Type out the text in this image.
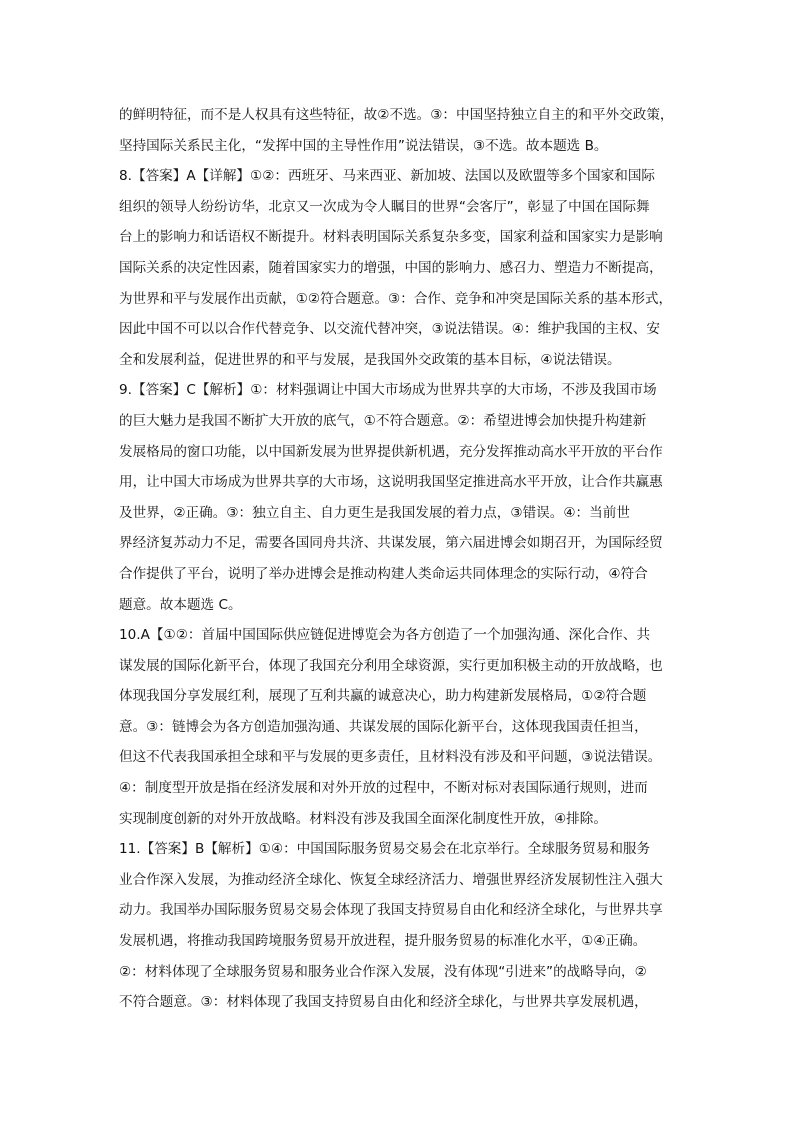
的鲜明特征，而不是人权具有这些特征，故②不选。③：中国坚持独立自主的和平外交政策，
坚持国际关系民主化，“发挥中国的主导性作用”说法错误，③不选。故本题选 B。
8.【答案】A【详解】①②：西班牙、马来西亚、新加坡、法国以及欧盟等多个国家和国际
组织的领导人纷纷访华，北京又一次成为令人瞩目的世界“会客厅”，彰显了中国在国际舞
台上的影响力和话语权不断提升。材料表明国际关系复杂多变，国家利益和国家实力是影响
国际关系的决定性因素，随着国家实力的增强，中国的影响力、感召力、塑造力不断提高，
为世界和平与发展作出贡献，①②符合题意。③：合作、竞争和冲突是国际关系的基本形式，
因此中国不可以以合作代替竞争、以交流代替冲突，③说法错误。④：维护我国的主权、安
全和发展利益，促进世界的和平与发展，是我国外交政策的基本目标，④说法错误。
9.【答案】C【解析】①：材料强调让中国大市场成为世界共享的大市场，不涉及我国市场
的巨大魅力是我国不断扩大开放的底气，①不符合题意。②：希望进博会加快提升构建新
发展格局的窗口功能，以中国新发展为世界提供新机遇，充分发挥推动高水平开放的平台作
用，让中国大市场成为世界共享的大市场，这说明我国坚定推进高水平开放，让合作共赢惠
及世界，②正确。③：独立自主、自力更生是我国发展的着力点，③错误。④：当前世
界经济复苏动力不足，需要各国同舟共济、共谋发展，第六届进博会如期召开，为国际经贸
合作提供了平台，说明了举办进博会是推动构建人类命运共同体理念的实际行动，④符合
题意。故本题选 C。
10.A【①②：首届中国国际供应链促进博览会为各方创造了一个加强沟通、深化合作、共
谋发展的国际化新平台，体现了我国充分利用全球资源，实行更加积极主动的开放战略，也
体现我国分享发展红利，展现了互利共赢的诚意决心，助力构建新发展格局，①②符合题
意。③：链博会为各方创造加强沟通、共谋发展的国际化新平台，这体现我国责任担当，
但这不代表我国承担全球和平与发展的更多责任，且材料没有涉及和平问题，③说法错误。
④：制度型开放是指在经济发展和对外开放的过程中，不断对标对表国际通行规则，进而
实现制度创新的对外开放战略。材料没有涉及我国全面深化制度性开放，④排除。
11.【答案】B【解析】①④：中国国际服务贸易交易会在北京举行。全球服务贸易和服务
业合作深入发展，为推动经济全球化、恢复全球经济活力、增强世界经济发展韧性注入强大
动力。我国举办国际服务贸易交易会体现了我国支持贸易自由化和经济全球化，与世界共享
发展机遇，将推动我国跨境服务贸易开放进程，提升服务贸易的标准化水平，①④正确。
②：材料体现了全球服务贸易和服务业合作深入发展，没有体现“引进来”的战略导向，②
不符合题意。③：材料体现了我国支持贸易自由化和经济全球化，与世界共享发展机遇，
